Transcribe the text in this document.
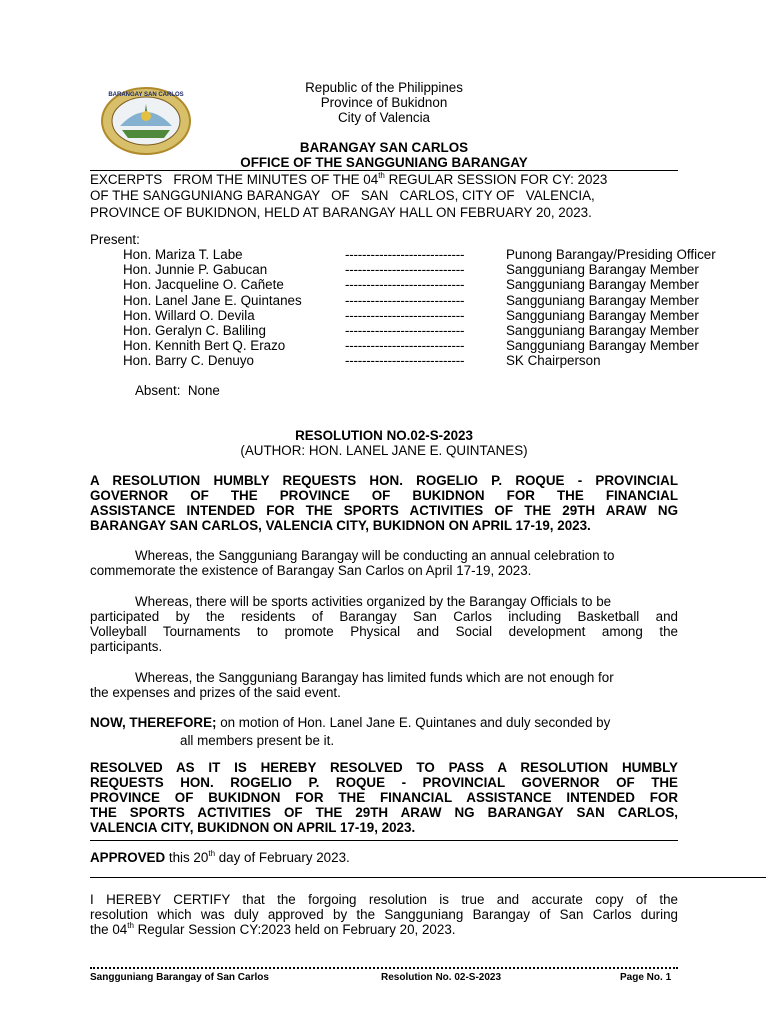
BARANGAY SAN CARLOS	Republic of the Philippines
Province of Bukidnon
City of Valencia
BARANGAY SAN CARLOS
OFFICE OF THE SANGGUNIANG BARANGAY
EXCERPTS   FROM THE MINUTES OF THE 04th REGULAR SESSION FOR CY: 2023
OF THE SANGGUNIANG BARANGAY   OF   SAN   CARLOS, CITY OF   VALENCIA,
PROVINCE OF BUKIDNON, HELD AT BARANGAY HALL ON FEBRUARY 20, 2023.
Present:
Hon. Mariza T. Labe	----------------------------	Punong Barangay/Presiding Officer
Hon. Junnie P. Gabucan	----------------------------	Sangguniang Barangay Member
Hon. Jacqueline O. Cañete	----------------------------	Sangguniang Barangay Member
Hon. Lanel Jane E. Quintanes	----------------------------	Sangguniang Barangay Member
Hon. Willard O. Devila	----------------------------	Sangguniang Barangay Member
Hon. Geralyn C. Baliling	----------------------------	Sangguniang Barangay Member
Hon. Kennith Bert Q. Erazo	----------------------------	Sangguniang Barangay Member
Hon. Barry C. Denuyo	----------------------------	SK Chairperson
Absent:  None
RESOLUTION NO.02-S-2023
(AUTHOR: HON. LANEL JANE E. QUINTANES)
A RESOLUTION HUMBLY REQUESTS HON. ROGELIO P. ROQUE - PROVINCIAL
GOVERNOR OF THE PROVINCE OF BUKIDNON FOR THE FINANCIAL
ASSISTANCE INTENDED FOR THE SPORTS ACTIVITIES OF THE 29TH ARAW NG
BARANGAY SAN CARLOS, VALENCIA CITY, BUKIDNON ON APRIL 17-19, 2023.
Whereas, the Sangguniang Barangay will be conducting an annual celebration to
commemorate the existence of Barangay San Carlos on April 17-19, 2023.
Whereas, there will be sports activities organized by the Barangay Officials to be
participated  by  the  residents  of  Barangay  San  Carlos  including  Basketball  and
Volleyball  Tournaments  to  promote  Physical  and  Social  development  among  the
participants.
Whereas, the Sangguniang Barangay has limited funds which are not enough for
the expenses and prizes of the said event.
NOW, THEREFORE; on motion of Hon. Lanel Jane E. Quintanes and duly seconded by
all members present be it.
RESOLVED AS IT IS HEREBY RESOLVED TO PASS A RESOLUTION HUMBLY
REQUESTS HON. ROGELIO P. ROQUE - PROVINCIAL GOVERNOR OF THE
PROVINCE OF BUKIDNON FOR THE FINANCIAL ASSISTANCE INTENDED FOR
THE SPORTS ACTIVITIES OF THE 29TH ARAW NG BARANGAY SAN CARLOS,
VALENCIA CITY, BUKIDNON ON APRIL 17-19, 2023.
APPROVED this 20th day of February 2023.
I HEREBY CERTIFY that the forgoing resolution is true and accurate copy of the
resolution which was duly approved by the Sangguniang Barangay of San Carlos during
the 04th Regular Session CY:2023 held on February 20, 2023.
Sangguniang Barangay of San Carlos	Resolution No. 02-S-2023	Page No. 1
